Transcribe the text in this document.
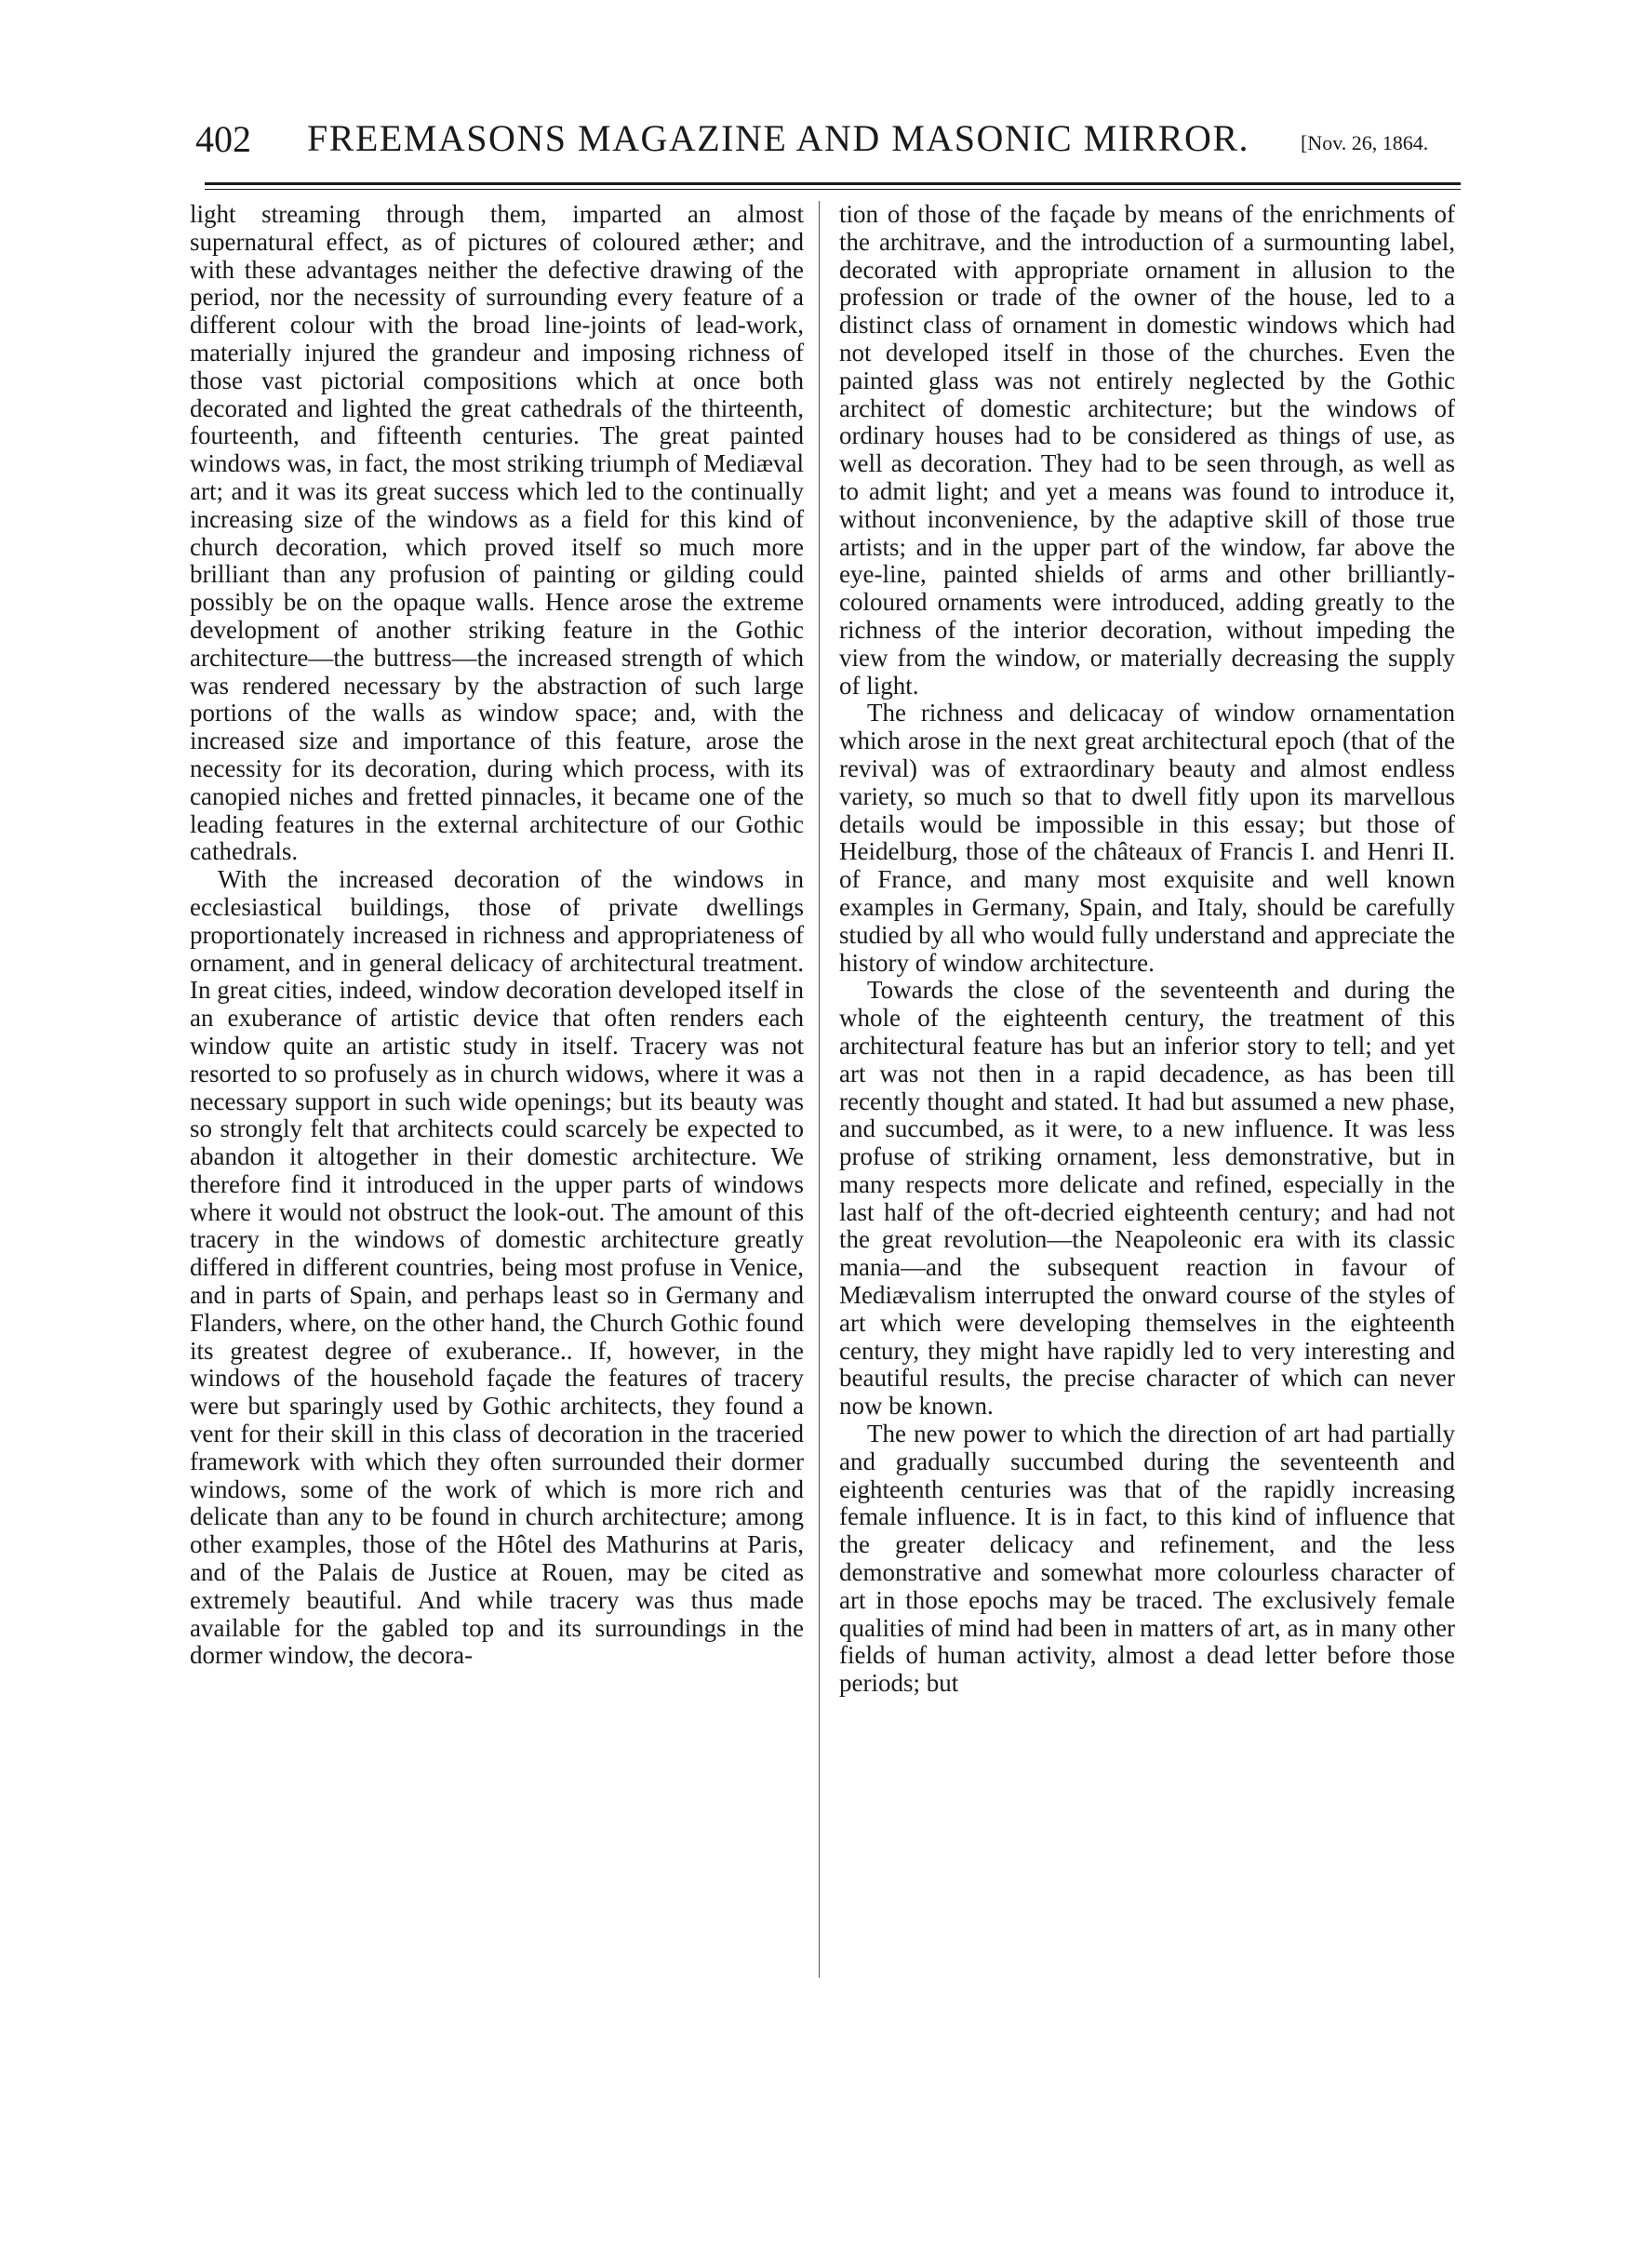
402 FREEMASONS MAGAZINE AND MASONIC MIRROR. [Nov. 26, 1864.

light streaming through them, imparted an almost supernatural effect, as of pictures of coloured æther; and with these advantages neither the defective drawing of the period, nor the necessity of surrounding every feature of a different colour with the broad line-joints of lead-work, materially injured the grandeur and imposing richness of those vast pictorial compositions which at once both decorated and lighted the great cathedrals of the thirteenth, fourteenth, and fifteenth centuries. The great painted windows was, in fact, the most striking triumph of Mediæval art; and it was its great success which led to the continually increasing size of the windows as a field for this kind of church decoration, which proved itself so much more brilliant than any profusion of painting or gilding could possibly be on the opaque walls. Hence arose the extreme development of another striking feature in the Gothic architecture—the buttress—the increased strength of which was rendered necessary by the abstraction of such large portions of the walls as window space; and, with the increased size and importance of this feature, arose the necessity for its decoration, during which process, with its canopied niches and fretted pinnacles, it became one of the leading features in the external architecture of our Gothic cathedrals.

With the increased decoration of the windows in ecclesiastical buildings, those of private dwellings proportionately increased in richness and appropriateness of ornament, and in general delicacy of architectural treatment. In great cities, indeed, window decoration developed itself in an exuberance of artistic device that often renders each window quite an artistic study in itself. Tracery was not resorted to so profusely as in church widows, where it was a necessary support in such wide openings; but its beauty was so strongly felt that architects could scarcely be expected to abandon it altogether in their domestic architecture. We therefore find it introduced in the upper parts of windows where it would not obstruct the look-out. The amount of this tracery in the windows of domestic architecture greatly differed in different countries, being most profuse in Venice, and in parts of Spain, and perhaps least so in Germany and Flanders, where, on the other hand, the Church Gothic found its greatest degree of exuberance.. If, however, in the windows of the household façade the features of tracery were but sparingly used by Gothic architects, they found a vent for their skill in this class of decoration in the traceried framework with which they often surrounded their dormer windows, some of the work of which is more rich and delicate than any to be found in church architecture; among other examples, those of the Hôtel des Mathurins at Paris, and of the Palais de Justice at Rouen, may be cited as extremely beautiful. And while tracery was thus made available for the gabled top and its surroundings in the dormer window, the decora-

tion of those of the façade by means of the enrichments of the architrave, and the introduction of a surmounting label, decorated with appropriate ornament in allusion to the profession or trade of the owner of the house, led to a distinct class of ornament in domestic windows which had not developed itself in those of the churches. Even the painted glass was not entirely neglected by the Gothic architect of domestic architecture; but the windows of ordinary houses had to be considered as things of use, as well as decoration. They had to be seen through, as well as to admit light; and yet a means was found to introduce it, without inconvenience, by the adaptive skill of those true artists; and in the upper part of the window, far above the eye-line, painted shields of arms and other brilliantly-coloured ornaments were introduced, adding greatly to the richness of the interior decoration, without impeding the view from the window, or materially decreasing the supply of light.

The richness and delicacay of window ornamentation which arose in the next great architectural epoch (that of the revival) was of extraordinary beauty and almost endless variety, so much so that to dwell fitly upon its marvellous details would be impossible in this essay; but those of Heidelburg, those of the châteaux of Francis I. and Henri II. of France, and many most exquisite and well known examples in Germany, Spain, and Italy, should be carefully studied by all who would fully understand and appreciate the history of window architecture.

Towards the close of the seventeenth and during the whole of the eighteenth century, the treatment of this architectural feature has but an inferior story to tell; and yet art was not then in a rapid decadence, as has been till recently thought and stated. It had but assumed a new phase, and succumbed, as it were, to a new influence. It was less profuse of striking ornament, less demonstrative, but in many respects more delicate and refined, especially in the last half of the oft-decried eighteenth century; and had not the great revolution—the Neapoleonic era with its classic mania—and the subsequent reaction in favour of Mediævalism interrupted the onward course of the styles of art which were developing themselves in the eighteenth century, they might have rapidly led to very interesting and beautiful results, the precise character of which can never now be known.

The new power to which the direction of art had partially and gradually succumbed during the seventeenth and eighteenth centuries was that of the rapidly increasing female influence. It is in fact, to this kind of influence that the greater delicacy and refinement, and the less demonstrative and somewhat more colourless character of art in those epochs may be traced. The exclusively female qualities of mind had been in matters of art, as in many other fields of human activity, almost a dead letter before those periods; but
